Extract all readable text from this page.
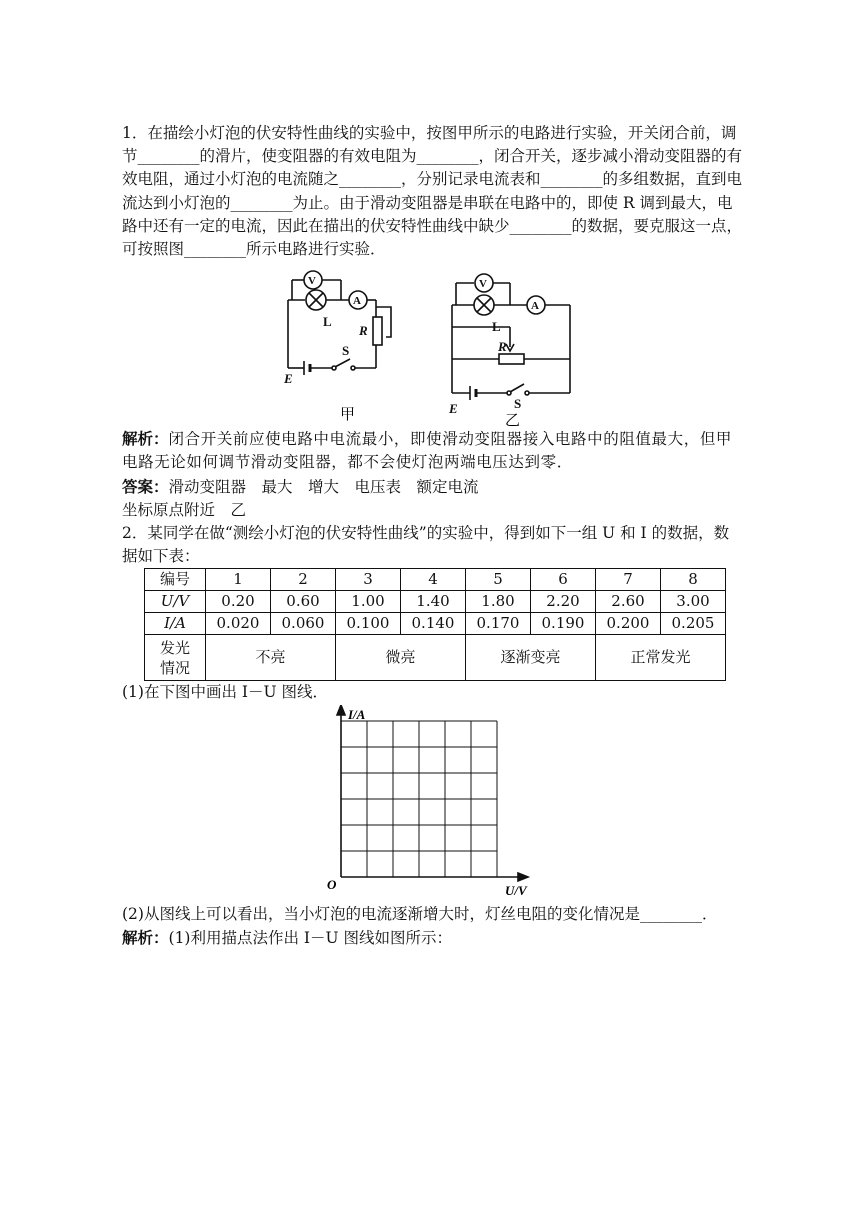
1．在描绘小灯泡的伏安特性曲线的实验中，按图甲所示的电路进行实验，开关闭合前，调节________的滑片，使变阻器的有效电阻为________，闭合开关，逐步减小滑动变阻器的有效电阻，通过小灯泡的电流随之________，分别记录电流表和________的多组数据，直到电流达到小灯泡的________为止。由于滑动变阻器是串联在电路中的，即使 R 调到最大，电路中还有一定的电流，因此在描出的伏安特性曲线中缺少________的数据，要克服这一点，可按照图________所示电路进行实验．

V
A
L
R
S
E
甲
V
A
L
R
S
E
乙

解析：闭合开关前应使电路中电流最小，即使滑动变阻器接入电路中的阻值最大，但甲电路无论如何调节滑动变阻器，都不会使灯泡两端电压达到零．

答案：滑动变阻器　最大　增大　电压表　额定电流

坐标原点附近　乙

2．某同学在做“测绘小灯泡的伏安特性曲线”的实验中，得到如下一组 U 和 I 的数据，数据如下表：

编号	1	2	3	4	5	6	7	8
U/V	0.20	0.60	1.00	1.40	1.80	2.20	2.60	3.00
I/A	0.020	0.060	0.100	0.140	0.170	0.190	0.200	0.205
发光
情况	不亮		微亮		逐渐变亮		正常发光	

(1)在下图中画出 I－U 图线．

I/A
U/V
O

(2)从图线上可以看出，当小灯泡的电流逐渐增大时，灯丝电阻的变化情况是________．

解析：(1)利用描点法作出 I－U 图线如图所示：
